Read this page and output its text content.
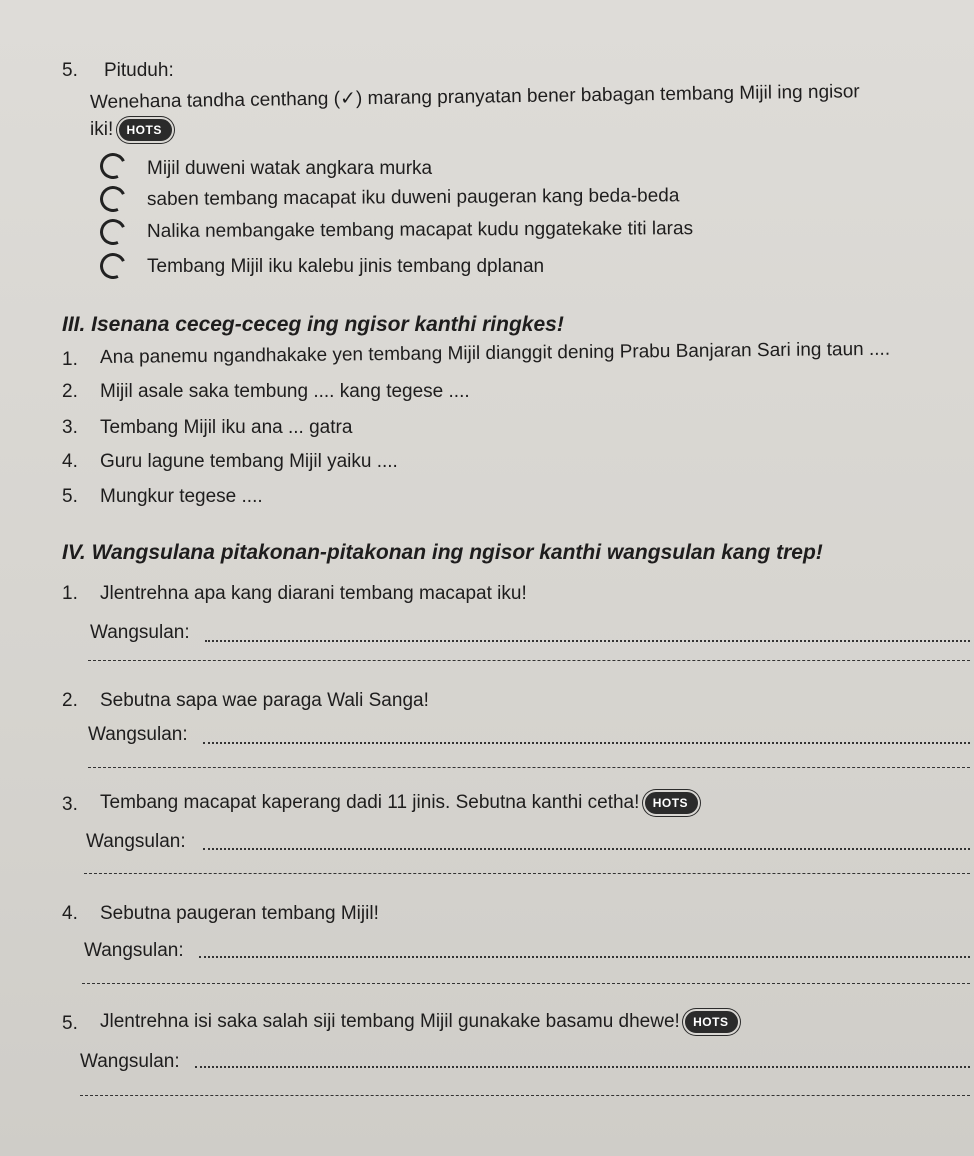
5. Pituduh:
Wenehana tandha centhang (✓) marang pranyatan bener babagan tembang Mijil ing ngisor
iki! HOTS
Mijil duweni watak angkara murka
saben tembang macapat iku duweni paugeran kang beda-beda
Nalika nembangake tembang macapat kudu nggatekake titi laras
Tembang Mijil iku kalebu jinis tembang dplanan
III. Isenana ceceg-ceceg ing ngisor kanthi ringkes!
1. Ana panemu ngandhakake yen tembang Mijil dianggit dening Prabu Banjaran Sari ing taun ....
2. Mijil asale saka tembung .... kang tegese ....
3. Tembang Mijil iku ana ... gatra
4. Guru lagune tembang Mijil yaiku ....
5. Mungkur tegese ....
IV. Wangsulana pitakonan-pitakonan ing ngisor kanthi wangsulan kang trep!
1. Jlentrehna apa kang diarani tembang macapat iku!
Wangsulan:
2. Sebutna sapa wae paraga Wali Sanga!
Wangsulan:
3. Tembang macapat kaperang dadi 11 jinis. Sebutna kanthi cetha! HOTS
Wangsulan:
4. Sebutna paugeran tembang Mijil!
Wangsulan:
5. Jlentrehna isi saka salah siji tembang Mijil gunakake basamu dhewe! HOTS
Wangsulan:
